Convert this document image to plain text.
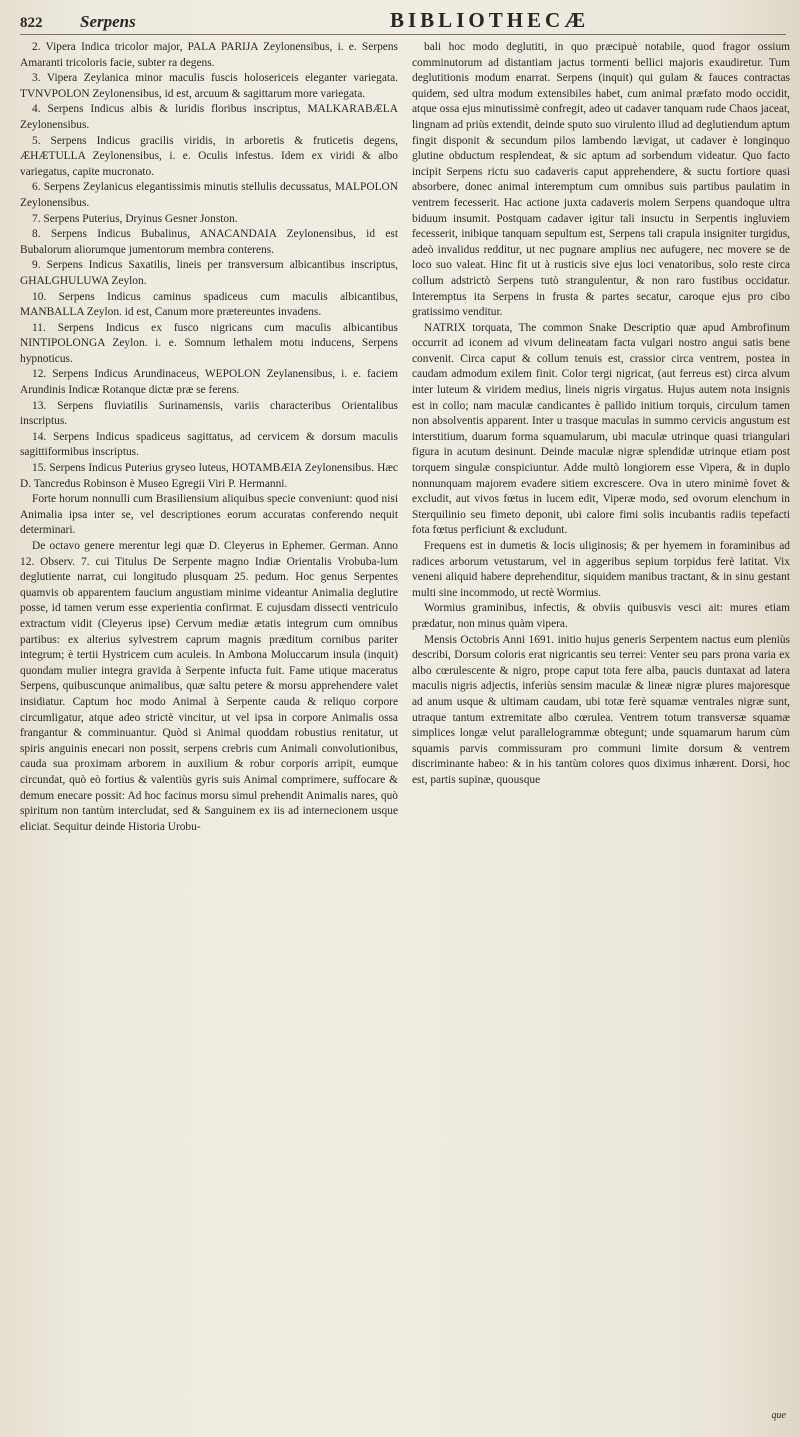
822	Serpens	BIBLIOTHECÆ

2. Vipera Indica tricolor major, PALA PARIJA Zeylonensibus, i. e. Serpens Amaranti tricoloris facie, subter ra degens.

3. Vipera Zeylanica minor maculis fuscis holosericeis eleganter variegata. TVNVPOLON Zeylonensibus, id est, arcuum & sagittarum more variegata.

4. Serpens Indicus albis & luridis floribus inscriptus, MALKARABÆLA Zeylonensibus.

5. Serpens Indicus gracilis viridis, in arboretis & fruticetis degens, ÆHÆTULLA Zeylonensibus, i. e. Oculis infestus. Idem ex viridi & albo variegatus, capite mucronato.

6. Serpens Zeylanicus elegantissimis minutis stellulis decussatus, MALPOLON Zeylonensibus.

7. Serpens Puterius, Dryinus Gesner Jonston.

8. Serpens Indicus Bubalinus, ANACANDAIA Zeylonensibus, id est Bubalorum aliorumque jumentorum membra conterens.

9. Serpens Indicus Saxatilis, lineis per transversum albicantibus inscriptus, GHALGHULUWA Zeylon.

10. Serpens Indicus caminus spadiceus cum maculis albicantibus, MANBALLA Zeylon. id est, Canum more prætereuntes invadens.

11. Serpens Indicus ex fusco nigricans cum maculis albicantibus NINTIPOLONGA Zeylon. i. e. Somnum lethalem motu inducens, Serpens hypnoticus.

12. Serpens Indicus Arundinaceus, WEPOLON Zeylanensibus, i. e. faciem Arundinis Indicæ Rotanque dictæ præ se ferens.

13. Serpens fluviatilis Surinamensis, variis characteribus Orientalibus inscriptus.

14. Serpens Indicus spadiceus sagittatus, ad cervicem & dorsum maculis sagittiformibus inscriptus.

15. Serpens Indicus Puterius gryseo luteus, HOTAMBÆIA Zeylonensibus. Hæc D. Tancredus Robinson è Museo Egregii Viri P. Hermanni.

Forte horum nonnulli cum Brasiliensium aliquibus specie conveniunt: quod nisi Animalia ipsa inter se, vel descriptiones eorum accuratas conferendo nequit determinari.

De octavo genere merentur legi quæ D. Cleyerus in Ephemer. German. Anno 12. Observ. 7. cui Titulus De Serpente magno Indiæ Orientalis Vrobuba-lum deglutiente narrat, cui longitudo plusquam 25. pedum. Hoc genus Serpentes quamvis ob apparentem faucium angustiam minime videantur Animalia deglutire posse, id tamen verum esse experientia confirmat. E cujusdam dissecti ventriculo extractum vidit (Cleyerus ipse) Cervum mediæ ætatis integrum cum omnibus partibus: ex alterius sylvestrem caprum magnis præditum cornibus pariter integrum; è tertii Hystricem cum aculeis. In Ambona Moluccarum insula (inquit) quondam mulier integra gravida à Serpente infucta fuit. Fame utique maceratus Serpens, quibuscunque animalibus, quæ saltu petere & morsu apprehendere valet insidiatur. Captum hoc modo Animal à Serpente cauda & reliquo corpore circumligatur, atque adeo strictè vincitur, ut vel ipsa in corpore Animalis ossa frangantur & comminuantur. Quòd si Animal quoddam robustius renitatur, ut spiris anguinis enecari non possit, serpens crebris cum Animali convolutionibus, cauda sua proximam arborem in auxilium & robur corporis arripit, eumque circundat, quò eò fortius & valentiùs gyris suis Animal comprimere, suffocare & demum enecare possit: Ad hoc facinus morsu simul prehendit Animalis nares, quò spiritum non tantùm intercludat, sed & Sanguinem ex iis ad internecionem usque eliciat. Sequitur deinde Historia Urobu-

bali hoc modo deglutiti, in quo præcipuè notabile, quod fragor ossium comminutorum ad distantiam jactus tormenti bellici majoris exaudiretur. Tum deglutitionis modum enarrat. Serpens (inquit) qui gulam & fauces contractas quidem, sed ultra modum extensibiles habet, cum animal præfato modo occidit, atque ossa ejus minutissimè confregit, adeo ut cadaver tanquam rude Chaos jaceat, lingnam ad priùs extendit, deinde sputo suo virulento illud ad deglutiendum aptum fingit disponit & secundum pilos lambendo lævigat, ut cadaver è longinquo glutine obductum resplendeat, & sic aptum ad sorbendum videatur. Quo facto incipit Serpens rictu suo cadaveris caput apprehendere, & suctu fortiore quasi absorbere, donec animal interemptum cum omnibus suis partibus paulatim in ventrem fecesserit. Hac actione juxta cadaveris molem Serpens quandoque ultra biduum insumit. Postquam cadaver igitur tali insuctu in Serpentis ingluviem fecesserit, inibique tanquam sepultum est, Serpens tali crapula insigniter turgidus, adeò invalidus redditur, ut nec pugnare amplius nec aufugere, nec movere se de loco suo valeat. Hinc fit ut à rusticis sive ejus loci venatoribus, solo reste circa collum adstrictò Serpens tutò strangulentur, & non raro fustibus occidatur. Interemptus ita Serpens in frusta & partes secatur, caroque ejus pro cibo gratissimo venditur.

NATRIX torquata, The common Snake Descriptio quæ apud Ambrofinum occurrit ad iconem ad vivum delineatam facta vulgari nostro angui satis bene convenit. Circa caput & collum tenuis est, crassior circa ventrem, postea in caudam admodum exilem finit. Color tergi nigricat, (aut ferreus est) circa alvum inter luteum & viridem medius, lineis nigris virgatus. Hujus autem nota insignis est in collo; nam maculæ candicantes è pallido initium torquis, circulum tamen non absolventis apparent. Inter u trasque maculas in summo cervicis angustum est interstitium, duarum forma squamularum, ubi maculæ utrinque quasi triangulari figura in acutum desinunt. Deinde maculæ nigræ splendidæ utrinque etiam post torquem singulæ conspiciuntur. Adde multò longiorem esse Vipera, & in duplo nonnunquam majorem evadere sitiem excrescere. Ova in utero minimè fovet & excludit, aut vivos fœtus in lucem edit, Viperæ modo, sed ovorum elenchum in Sterquilinio seu fimeto deponit, ubi calore fimi solis incubantis radiis tepefacti fota fœtus perficiunt & excludunt.

Frequens est in dumetis & locis uliginosis; & per hyemem in foraminibus ad radices arborum vetustarum, vel in aggeribus sepium torpidus ferè latitat. Vix veneni aliquid habere deprehenditur, siquidem manibus tractant, & in sinu gestant multi sine incommodo, ut rectè Wormius.

Wormius graminibus, infectis, & obviis quibusvis vesci ait: mures etiam prædatur, non minus quàm vipera.

Mensis Octobris Anni 1691. initio hujus generis Serpentem nactus eum pleniùs describi, Dorsum coloris erat nigricantis seu terrei: Venter seu pars prona varia ex albo cœrulescente & nigro, prope caput tota fere alba, paucis duntaxat ad latera maculis nigris adjectis, inferiùs sensim maculæ & lineæ nigræ plures majoresque ad anum usque & ultimam caudam, ubi totæ ferè squamæ ventrales nigræ sunt, utraque tantum extremitate albo cœrulea. Ventrem totum transversæ squamæ simplices longæ velut parallelogrammæ obtegunt; unde squamarum harum cùm squamis parvis commissuram pro communi limite dorsum & ventrem discriminante habeo: & in his tantùm colores quos diximus inhærent. Dorsi, hoc est, partis supinæ, quousque

que
